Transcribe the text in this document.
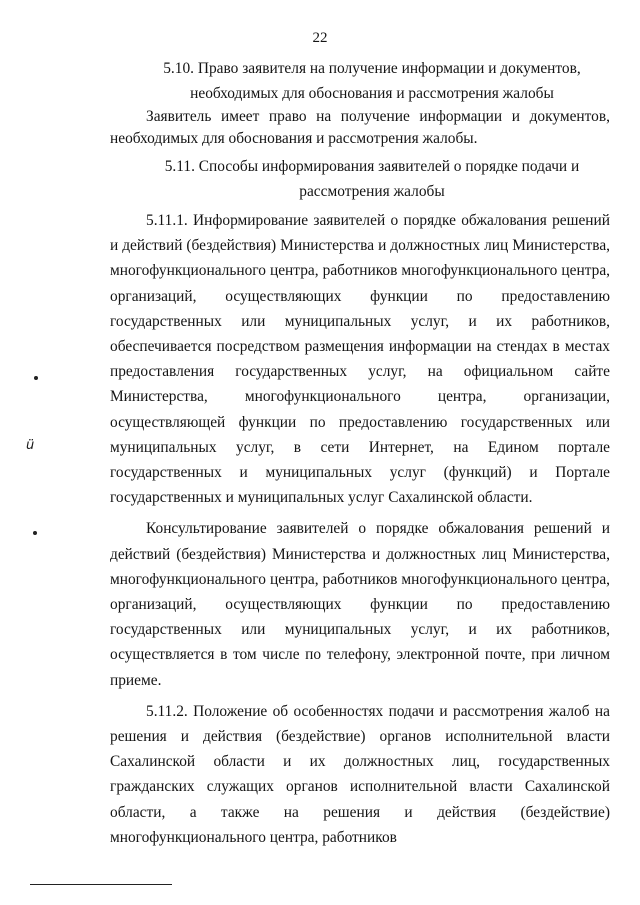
22
5.10. Право заявителя на получение информации и документов,
необходимых для обоснования и рассмотрения жалобы

Заявитель имеет право на получение информации и документов, необходимых для обоснования и рассмотрения жалобы.

5.11. Способы информирования заявителей о порядке подачи и
рассмотрения жалобы

5.11.1. Информирование заявителей о порядке обжалования решений и действий (бездействия) Министерства и должностных лиц Министерства, многофункционального центра, работников многофункционального центра, организаций, осуществляющих функции по предоставлению государственных или муниципальных услуг, и их работников, обеспечивается посредством размещения информации на стендах в местах предоставления государственных услуг, на официальном сайте Министерства, многофункционального центра, организации, осуществляющей функции по предоставлению государственных или муниципальных услуг, в сети Интернет, на Едином портале государственных и муниципальных услуг (функций) и Портале государственных и муниципальных услуг Сахалинской области.

Консультирование заявителей о порядке обжалования решений и действий (бездействия) Министерства и должностных лиц Министерства, многофункционального центра, работников многофункционального центра, организаций, осуществляющих функции по предоставлению государственных или муниципальных услуг, и их работников, осуществляется в том числе по телефону, электронной почте, при личном приеме.

5.11.2. Положение об особенностях подачи и рассмотрения жалоб на решения и действия (бездействие) органов исполнительной власти Сахалинской области и их должностных лиц, государственных гражданских служащих органов исполнительной власти Сахалинской области, а также на решения и действия (бездействие) многофункционального центра, работников

ü
